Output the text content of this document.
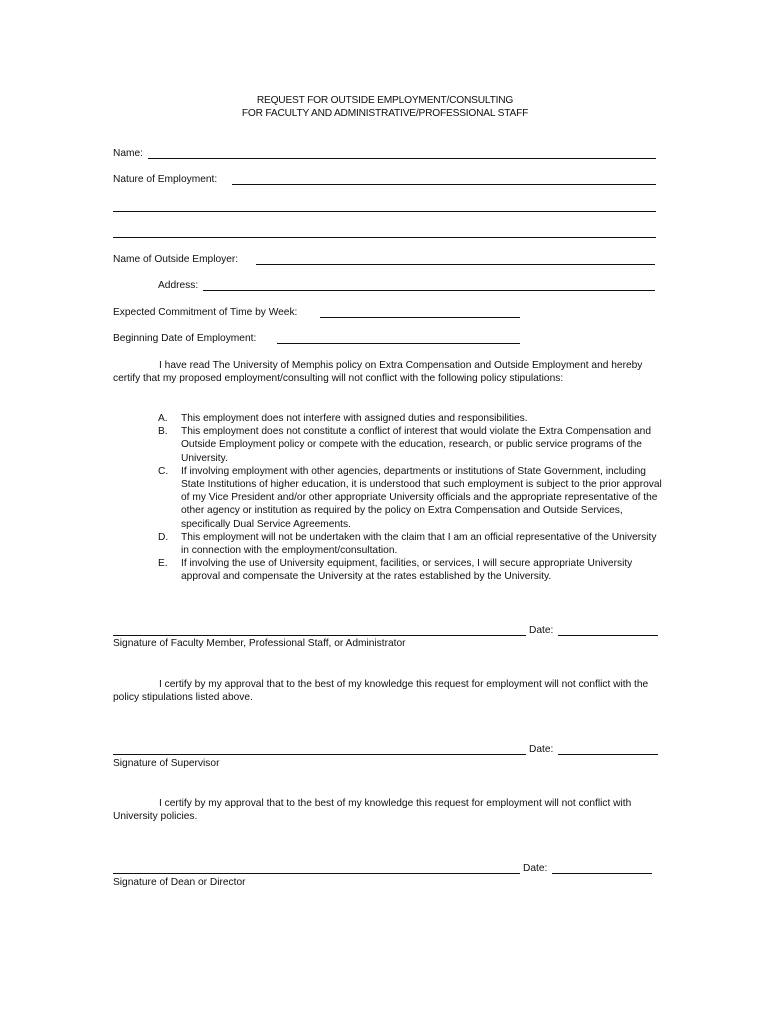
REQUEST FOR OUTSIDE EMPLOYMENT/CONSULTING
FOR FACULTY AND ADMINISTRATIVE/PROFESSIONAL STAFF
Name:
Nature of Employment:
Name of Outside Employer:
Address:
Expected Commitment of Time by Week:
Beginning Date of Employment:
I have read The University of Memphis policy on Extra Compensation and Outside Employment and hereby certify that my proposed employment/consulting will not conflict with the following policy stipulations:
A. This employment does not interfere with assigned duties and responsibilities.
B. This employment does not constitute a conflict of interest that would violate the Extra Compensation and Outside Employment policy or compete with the education, research, or public service programs of the University.
C. If involving employment with other agencies, departments or institutions of State Government, including State Institutions of higher education, it is understood that such employment is subject to the prior approval of my Vice President and/or other appropriate University officials and the appropriate representative of the other agency or institution as required by the policy on Extra Compensation and Outside Services, specifically Dual Service Agreements.
D. This employment will not be undertaken with the claim that I am an official representative of the University in connection with the employment/consultation.
E. If involving the use of University equipment, facilities, or services, I will secure appropriate University approval and compensate the University at the rates established by the University.
Date:
Signature of Faculty Member, Professional Staff, or Administrator
I certify by my approval that to the best of my knowledge this request for employment will not conflict with the policy stipulations listed above.
Date:
Signature of Supervisor
I certify by my approval that to the best of my knowledge this request for employment will not conflict with University policies.
Date:
Signature of Dean or Director
